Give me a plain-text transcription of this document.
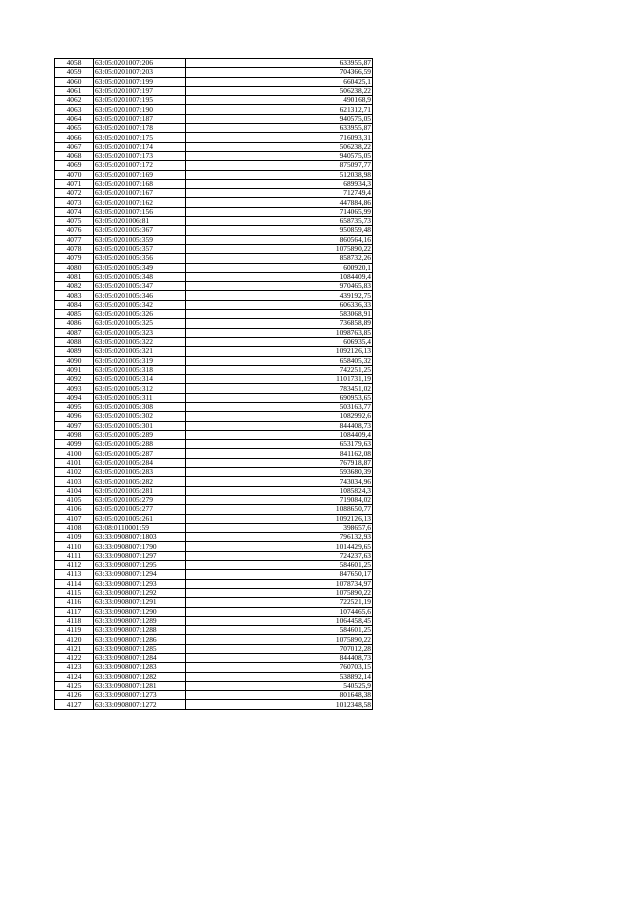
4058	63:05:0201007:206	633955,87
4059	63:05:0201007:203	704366,59
4060	63:05:0201007:199	660425,1
4061	63:05:0201007:197	506238,22
4062	63:05:0201007:195	490168,9
4063	63:05:0201007:190	621312,71
4064	63:05:0201007:187	940575,05
4065	63:05:0201007:178	633955,87
4066	63:05:0201007:175	716093,31
4067	63:05:0201007:174	506238,22
4068	63:05:0201007:173	940575,05
4069	63:05:0201007:172	875097,77
4070	63:05:0201007:169	512038,98
4071	63:05:0201007:168	689934,3
4072	63:05:0201007:167	712749,4
4073	63:05:0201007:162	447884,86
4074	63:05:0201007:156	714065,99
4075	63:05:0201006:81	658735,73
4076	63:05:0201005:367	950859,48
4077	63:05:0201005:359	860564,16
4078	63:05:0201005:357	1075890,22
4079	63:05:0201005:356	858732,26
4080	63:05:0201005:349	600920,1
4081	63:05:0201005:348	1084409,4
4082	63:05:0201005:347	970465,83
4083	63:05:0201005:346	439192,75
4084	63:05:0201005:342	606336,33
4085	63:05:0201005:326	583068,91
4086	63:05:0201005:325	736858,89
4087	63:05:0201005:323	1098763,85
4088	63:05:0201005:322	606935,4
4089	63:05:0201005:321	1092126,13
4090	63:05:0201005:319	658405,32
4091	63:05:0201005:318	742251,25
4092	63:05:0201005:314	1101731,19
4093	63:05:0201005:312	783451,02
4094	63:05:0201005:311	690953,65
4095	63:05:0201005:308	503163,77
4096	63:05:0201005:302	1082992,6
4097	63:05:0201005:301	844408,73
4098	63:05:0201005:289	1084409,4
4099	63:05:0201005:288	653179,63
4100	63:05:0201005:287	841162,08
4101	63:05:0201005:284	767918,87
4102	63:05:0201005:283	593680,39
4103	63:05:0201005:282	743034,96
4104	63:05:0201005:281	1085824,3
4105	63:05:0201005:279	719084,02
4106	63:05:0201005:277	1088650,77
4107	63:05:0201005:261	1092126,13
4108	63:08:0110001:59	398657,6
4109	63:33:0908007:1803	796132,93
4110	63:33:0908007:1790	1014429,65
4111	63:33:0908007:1297	724237,63
4112	63:33:0908007:1295	584601,25
4113	63:33:0908007:1294	847650,17
4114	63:33:0908007:1293	1078734,97
4115	63:33:0908007:1292	1075890,22
4116	63:33:0908007:1291	722521,19
4117	63:33:0908007:1290	1074465,6
4118	63:33:0908007:1289	1064458,45
4119	63:33:0908007:1288	584601,25
4120	63:33:0908007:1286	1075890,22
4121	63:33:0908007:1285	707012,28
4122	63:33:0908007:1284	844408,73
4123	63:33:0908007:1283	760703,15
4124	63:33:0908007:1282	538892,14
4125	63:33:0908007:1281	540525,9
4126	63:33:0908007:1273	801648,38
4127	63:33:0908007:1272	1012348,58
